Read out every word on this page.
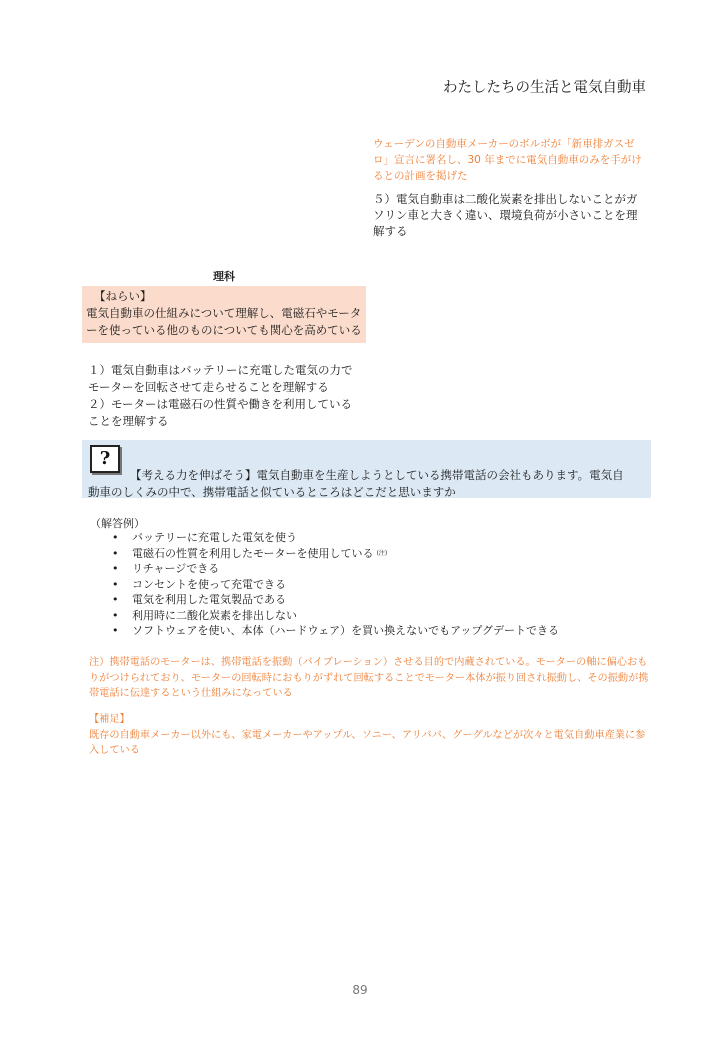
わたしたちの生活と電気自動車
ウェーデンの自動車メーカーのボルボが「新車排ガスゼロ」宣言に署名し、30 年までに電気自動車のみを手がけるとの計画を掲げた
５）電気自動車は二酸化炭素を排出しないことがガソリン車と大きく違い、環境負荷が小さいことを理解する
理科
【ねらい】
電気自動車の仕組みについて理解し、電磁石やモーターを使っている他のものについても関心を高めている
１）電気自動車はバッテリーに充電した電気の力でモーターを回転させて走らせることを理解する
２）モーターは電磁石の性質や働きを利用していることを理解する
?
【考える力を伸ばそう】電気自動車を生産しようとしている携帯電話の会社もあります。電気自
動車のしくみの中で、携帯電話と似ているところはどこだと思いますか
（解答例）
• バッテリーに充電した電気を使う
• 電磁石の性質を利用したモーターを使用している $^{(注)}$
• リチャージできる
• コンセントを使って充電できる
• 電気を利用した電気製品である
• 利用時に二酸化炭素を排出しない
• ソフトウェアを使い、本体（ハードウェア）を買い換えないでもアップグデートできる
注）携帯電話のモーターは、携帯電話を振動（バイブレーション）させる目的で内蔵されている。モーターの軸に偏心おもりがつけられており、モーターの回転時におもりがずれて回転することでモーター本体が振り回され振動し、その振動が携帯電話に伝達するという仕組みになっている
【補足】
既存の自動車メーカー以外にも、家電メーカーやアップル、ソニー、アリババ、グーグルなどが次々と電気自動車産業に参入している
89
